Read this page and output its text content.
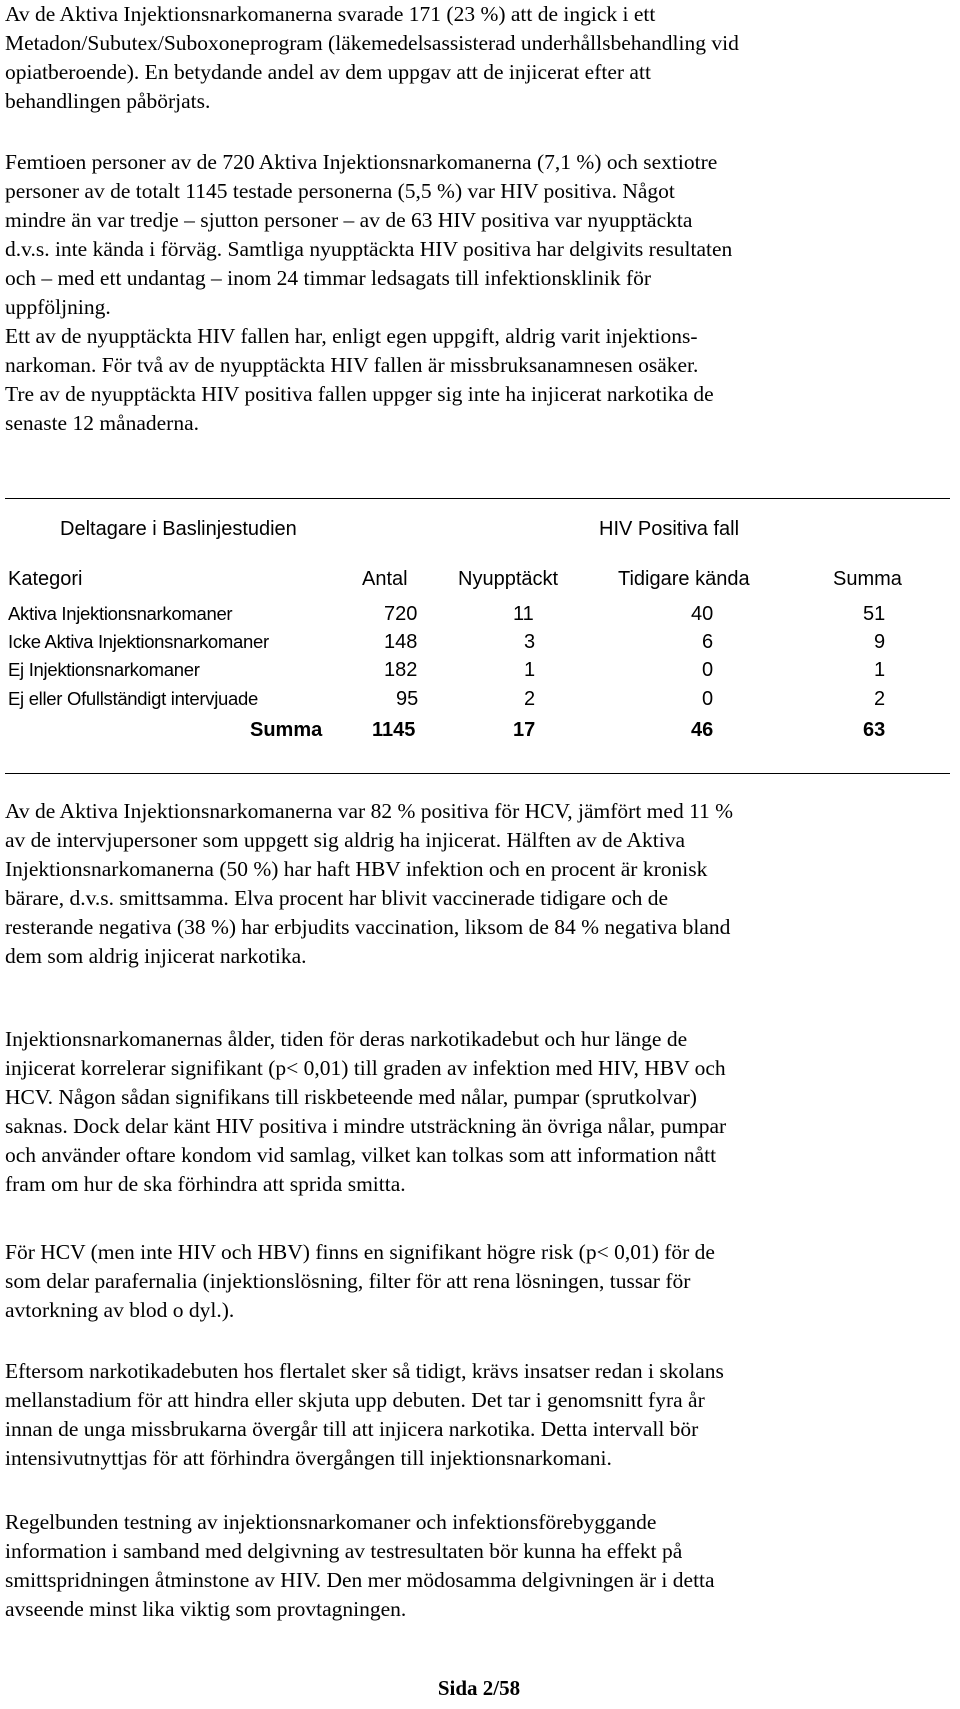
Av de Aktiva Injektionsnarkomanerna svarade 171 (23 %) att de ingick i ett
Metadon/Subutex/Suboxoneprogram (läkemedelsassisterad underhållsbehandling vid
opiatberoende). En betydande andel av dem uppgav att de injicerat efter att
behandlingen påbörjats.

Femtioen personer av de 720 Aktiva Injektionsnarkomanerna (7,1 %) och sextiotre
personer av de totalt 1145 testade personerna (5,5 %) var HIV positiva. Något
mindre än var tredje – sjutton personer – av de 63 HIV positiva var nyupptäckta
d.v.s. inte kända i förväg. Samtliga nyupptäckta HIV positiva har delgivits resultaten
och – med ett undantag – inom 24 timmar ledsagats till infektionsklinik för
uppföljning.
Ett av de nyupptäckta HIV fallen har, enligt egen uppgift, aldrig varit injektions-
narkoman. För två av de nyupptäckta HIV fallen är missbruksanamnesen osäker.
Tre av de nyupptäckta HIV positiva fallen uppger sig inte ha injicerat narkotika de
senaste 12 månaderna.

Deltagare i Baslinjestudien	HIV Positiva fall
Kategori	Antal	Nyupptäckt	Tidigare kända	Summa
Aktiva Injektionsnarkomaner	720	11	40	51
Icke Aktiva Injektionsnarkomaner	148	3	6	9
Ej Injektionsnarkomaner	182	1	0	1
Ej eller Ofullständigt intervjuade	95	2	0	2
Summa 1145	17	46	63

Av de Aktiva Injektionsnarkomanerna var 82 % positiva för HCV, jämfört med 11 %
av de intervjupersoner som uppgett sig aldrig ha injicerat. Hälften av de Aktiva
Injektionsnarkomanerna (50 %) har haft HBV infektion och en procent är kronisk
bärare, d.v.s. smittsamma. Elva procent har blivit vaccinerade tidigare och de
resterande negativa (38 %) har erbjudits vaccination, liksom de 84 % negativa bland
dem som aldrig injicerat narkotika.

Injektionsnarkomanernas ålder, tiden för deras narkotikadebut och hur länge de
injicerat korrelerar signifikant (p< 0,01) till graden av infektion med HIV, HBV och
HCV. Någon sådan signifikans till riskbeteende med nålar, pumpar (sprutkolvar)
saknas. Dock delar känt HIV positiva i mindre utsträckning än övriga nålar, pumpar
och använder oftare kondom vid samlag, vilket kan tolkas som att information nått
fram om hur de ska förhindra att sprida smitta.

För HCV (men inte HIV och HBV) finns en signifikant högre risk (p< 0,01) för de
som delar parafernalia (injektionslösning, filter för att rena lösningen, tussar för
avtorkning av blod o dyl.).

Eftersom narkotikadebuten hos flertalet sker så tidigt, krävs insatser redan i skolans
mellanstadium för att hindra eller skjuta upp debuten. Det tar i genomsnitt fyra år
innan de unga missbrukarna övergår till att injicera narkotika. Detta intervall bör
intensivutnyttjas för att förhindra övergången till injektionsnarkomani.

Regelbunden testning av injektionsnarkomaner och infektionsförebyggande
information i samband med delgivning av testresultaten bör kunna ha effekt på
smittspridningen åtminstone av HIV. Den mer mödosamma delgivningen är i detta
avseende minst lika viktig som provtagningen.

Sida 2/58
